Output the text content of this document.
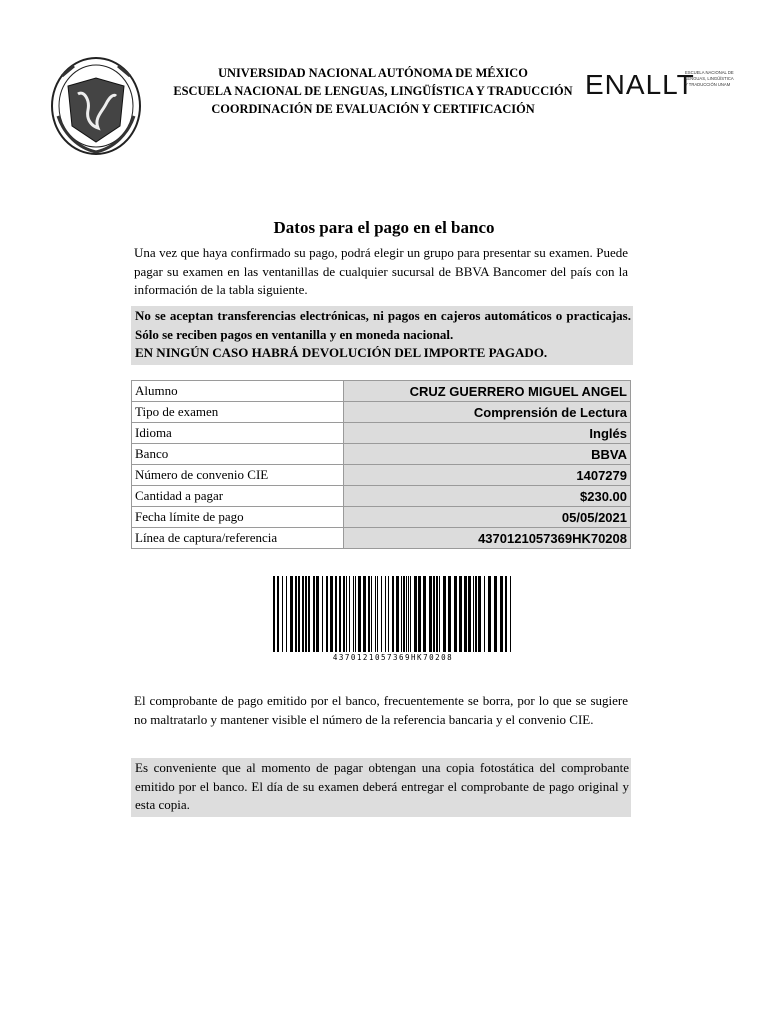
UNIVERSIDAD NACIONAL AUTÓNOMA DE MÉXICO
ESCUELA NACIONAL DE LENGUAS, LINGÜÍSTICA Y TRADUCCIÓN
COORDINACIÓN DE EVALUACIÓN Y CERTIFICACIÓN
ENALLT
ESCUELA NACIONAL DE LENGUAS, LINGÜÍSTICA Y TRADUCCIÓN UNAM
Datos para el pago en el banco
Una vez que haya confirmado su pago, podrá elegir un grupo para presentar su examen. Puede pagar su examen en las ventanillas de cualquier sucursal de BBVA Bancomer del país con la información de la tabla siguiente.
No se aceptan transferencias electrónicas, ni pagos en cajeros automáticos o practicajas. Sólo se reciben pagos en ventanilla y en moneda nacional.
EN NINGÚN CASO HABRÁ DEVOLUCIÓN DEL IMPORTE PAGADO.
Alumno	CRUZ GUERRERO MIGUEL ANGEL
Tipo de examen	Comprensión de Lectura
Idioma	Inglés
Banco	BBVA
Número de convenio CIE	1407279
Cantidad a pagar	$230.00
Fecha límite de pago	05/05/2021
Línea de captura/referencia	4370121057369HK70208
4370121057369HK70208
El comprobante de pago emitido por el banco, frecuentemente se borra, por lo que se sugiere no maltratarlo y mantener visible el número de la referencia bancaria y el convenio CIE.
Es conveniente que al momento de pagar obtengan una copia fotostática del comprobante emitido por el banco. El día de su examen deberá entregar el comprobante de pago original y esta copia.
